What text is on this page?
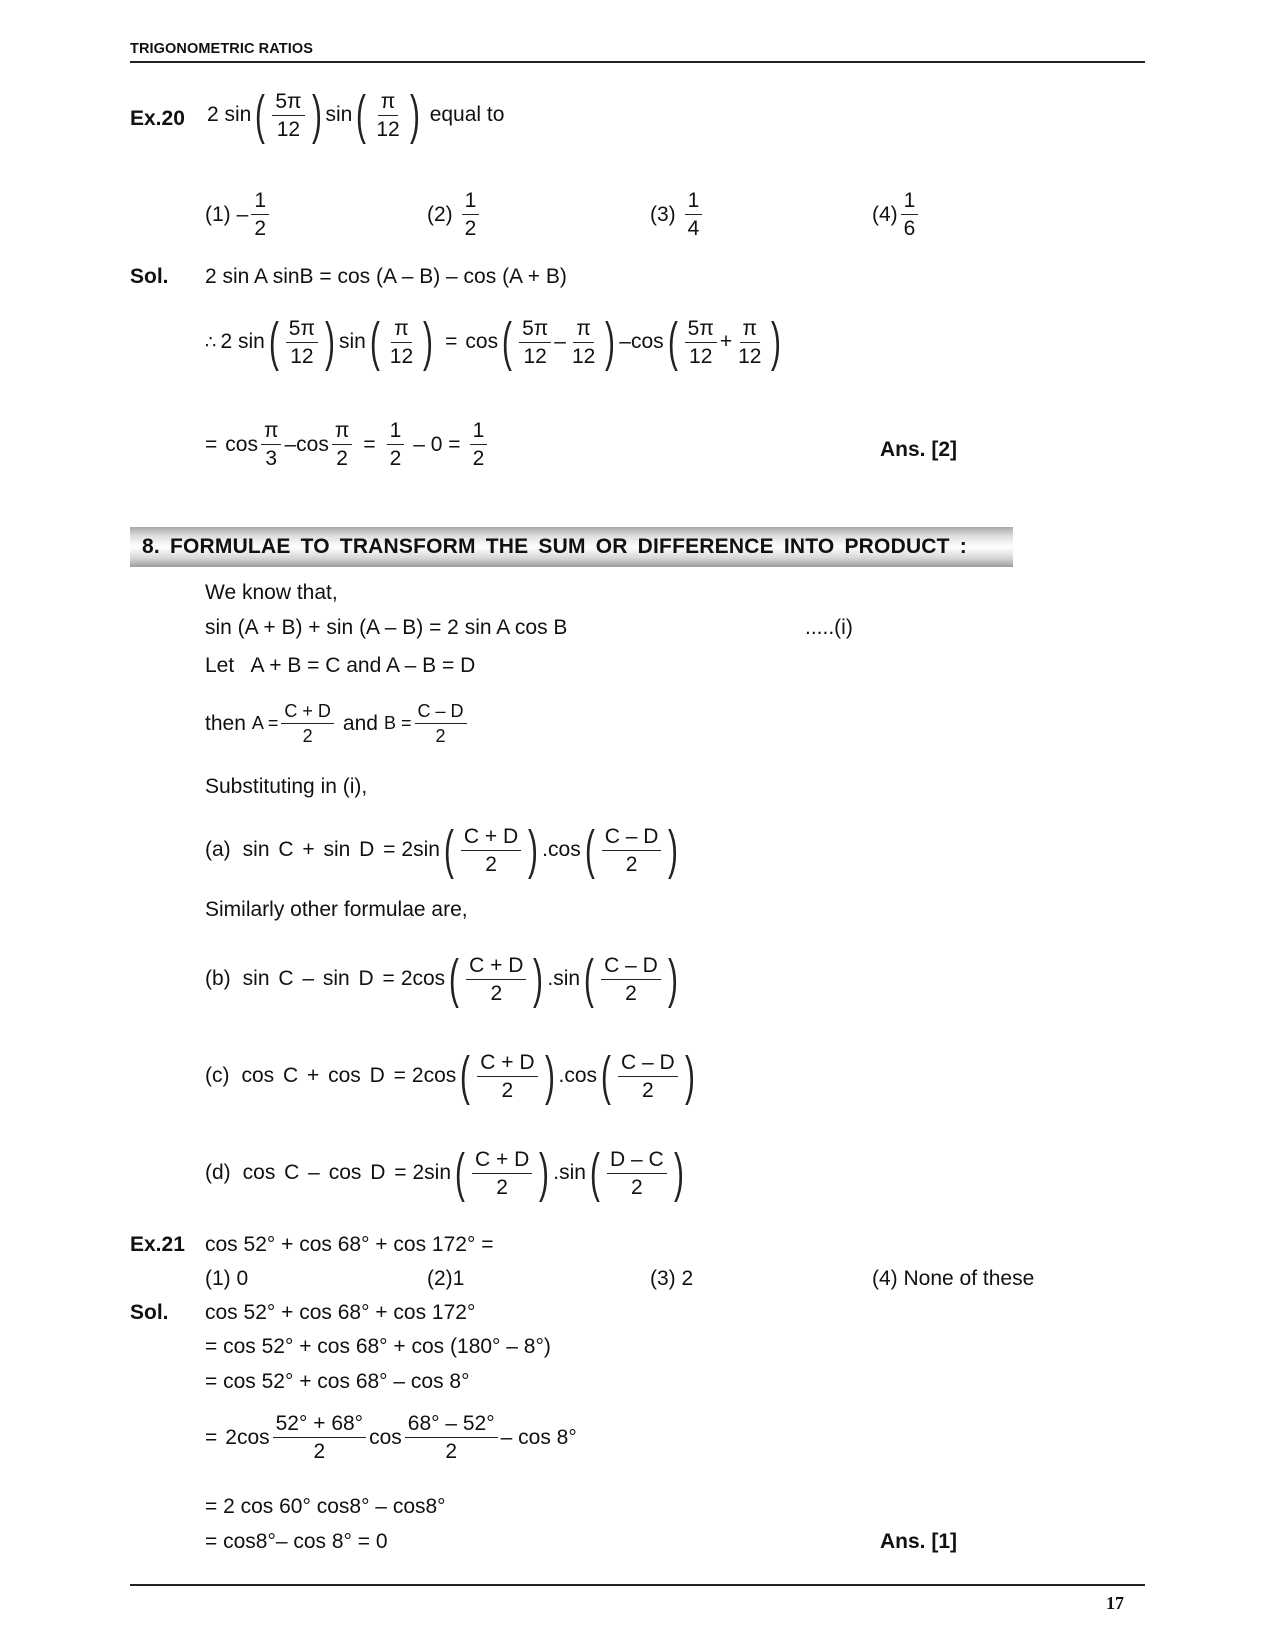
TRIGONOMETRIC RATIOS
Ex.20 2 sin ( $\frac{5\pi}{12}$
) sin ( $\frac{\pi}{12}$
) equal to
$(1) - \frac{1}{2}$	$(2) \frac{1}{2}$	$(3) \frac{1}{4}$	$(4) \frac{1}{6}$
Sol. 2 sin A sinB = cos (A – B) – cos (A + B)
∴ 2 sin ( $\frac{5\pi}{12}$
) sin ( $\frac{\pi}{12}$
) = cos ( $\frac{5\pi}{12} - \frac{\pi}{12}$
) – cos ( $\frac{5\pi}{12} + \frac{\pi}{12}$
)
= $\cos \frac{\pi}{3} - \cos \frac{\pi}{2} = \frac{1}{2} - 0 = \frac{1}{2}$	Ans. [2]
8. FORMULAE TO TRANSFORM THE SUM OR DIFFERENCE INTO PRODUCT :
We know that,
sin (A + B) + sin (A – B) = 2 sin A cos B	.....(i)
Let   A + B = C and A – B = D
then $A = \frac{C + D}{2}$ and $B = \frac{C - D}{2}$
Substituting in (i),
(a) sin C + sin D = 2sin ( $\frac{C + D}{2}$
) . cos ( $\frac{C - D}{2}$
)
Similarly other formulae are,
(b) sin C – sin D = 2cos ( $\frac{C + D}{2}$
) . sin ( $\frac{C - D}{2}$
)
(c) cos C + cos D = 2cos ( $\frac{C + D}{2}$
) . cos ( $\frac{C - D}{2}$
)
(d) cos C – cos D = 2sin ( $\frac{C + D}{2}$
) . sin ( $\frac{D - C}{2}$
)
Ex.21 cos 52° + cos 68° + cos 172° =
(1) 0	(2)1	(3) 2	(4) None of these
Sol. cos 52° + cos 68° + cos 172°
= cos 52° + cos 68° + cos (180° – 8°)
= cos 52° + cos 68° – cos 8°
= $2\cos \frac{52^\circ + 68^\circ}{2}$ $\cos \frac{68^\circ - 52^\circ}{2}$ – cos 8°
= 2 cos 60° cos8° – cos8°
= cos8°– cos 8° = 0	Ans. [1]
17
